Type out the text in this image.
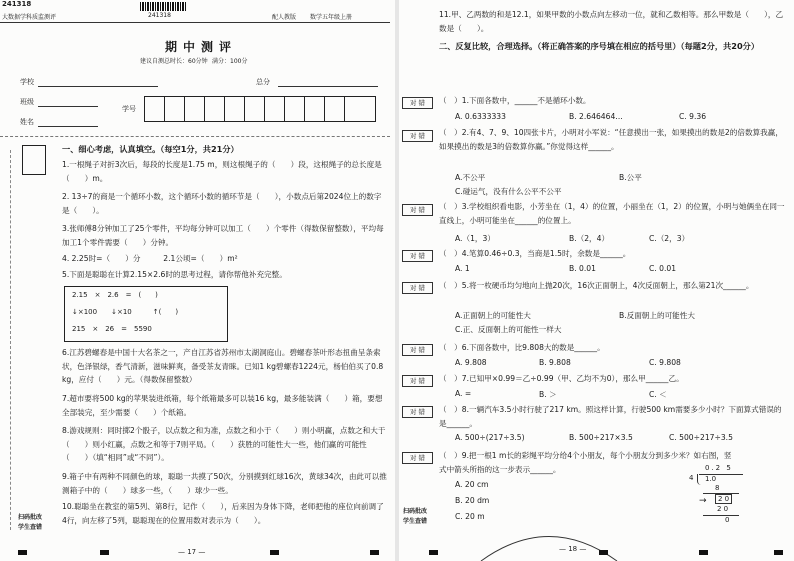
241318
大数据学科质监测评	241318	配人教版 数学五年级上册
期中测评
建议自测总时长：60分钟 满分：100分
学校	总分
班级
学号
姓名
一、细心考虑，认真填空。（每空1分，共21分）
1.一根绳子对折3次后，每段的长度是1.75 m，则这根绳子的（　　）段，这根绳子的总长度是（　　）m。
2. 13÷7的商是一个循环小数，这个循环小数的循环节是（　　），小数点后第2024位上的数字是（　　）。
3.张师傅8分钟加工了25个零件，平均每分钟可以加工（　　）个零件（得数保留整数），平均每加工1个零件需要（　　）分钟。
4. 2.25时=（　　）分　　　2.1公顷=（　　）m²
5.下面是聪聪在计算2.15×2.6时的思考过程，请你帮他补充完整。
2.15　×　2.6　=　(　　)
↓×100　　↓×10　　　↑(　　)
215　×　26　=　5590
6.江苏碧螺春是中国十大名茶之一，产自江苏省苏州市太湖洞庭山。碧螺春茶叶形态扭曲呈条索状，色泽银绿，香气清新，滋味鲜爽，备受茶友青睐。已知1 kg碧螺春1224元，杨伯伯买了0.8 kg，应付（　　）元。（得数保留整数）
7.超市要将500 kg的苹果装进纸箱，每个纸箱最多可以装16 kg，最多能装满（　　）箱，要想全部装完，至少需要（　　）个纸箱。
8.游戏规则：同时掷2个骰子，以点数之和为准，点数之和小于（　　）则小明赢，点数之和大于（　　）则小红赢，点数之和等于7则平局。（　　）获胜的可能性大一些，他们赢的可能性（　　）（填“相同”或“不同”）。
9.箱子中有两种不同颜色的球，聪聪一共摸了50次，分别摸到红球16次，黄球34次，由此可以推测箱子中的（　　）球多一些，（　　）球少一些。
10.聪聪坐在教室的第5列、第8行，记作（　　），后来因为身体下降，老师把他的座位向前调了4行，向左移了5列，聪聪现在的位置用数对表示为（　　）。
扫码批改
学生查错
— 17 —
11.甲、乙两数的和是12.1，如果甲数的小数点向左移动一位，就和乙数相等。那么甲数是（　　），乙数是（　　）。
二、反复比较，合理选择。（将正确答案的序号填在相应的括号里）（每题2分，共20分）
对 错	（　）1.下面各数中，______不是循环小数。
A. 0.6333333	B. 2.646464…	C. 9.36
对 错	（　）2.有4、7、9、10四张卡片，小明对小军说：“任意摸出一张，如果摸出的数是2的倍数算我赢，如果摸出的数是3的倍数算你赢。”你觉得这样______。
A.不公平	B.公平
C.碰运气，没有什么公平不公平
对 错	（　）3.学校组织看电影，小芳坐在（1，4）的位置，小丽坐在（1，2）的位置，小明与她俩坐在同一直线上，小明可能坐在______的位置上。
A.（1，3）	B.（2，4）	C.（2，3）
对 错	（　）4.笔算0.46÷0.3，当商是1.5时，余数是______。
A. 1	B. 0.01	C. 0.01
对 错	（　）5.将一枚硬币均匀地向上抛20次，16次正面朝上，4次反面朝上，那么第21次______。
A.正面朝上的可能性大	B.反面朝上的可能性大
C.正、反面朝上的可能性一样大
对 错	（　）6.下面各数中，比9.808大的数是______。
A. 9.808	B. 9.808	C. 9.808
对 错	（　）7.已知甲×0.99＝乙÷0.99（甲、乙均不为0），那么甲______乙。
A. =	B. ＞	C. ＜
对 错	（　）8.一辆汽车3.5小时行驶了217 km。照这样计算，行驶500 km需要多少小时？下面算式错误的是______。
A. 500÷(217÷3.5)	B. 500÷217×3.5	C. 500÷217÷3.5
对 错	（　）9.把一根1 m长的彩绳平均分给4个小朋友，每个小朋友分到多少米？如右图，竖式中箭头所指的这一步表示______。
A. 20 cm
B. 20 dm
C. 20 m
0.2 5
4 1.0
8
2 0
→
2 0
0
扫码批改
学生查错
— 18 —
